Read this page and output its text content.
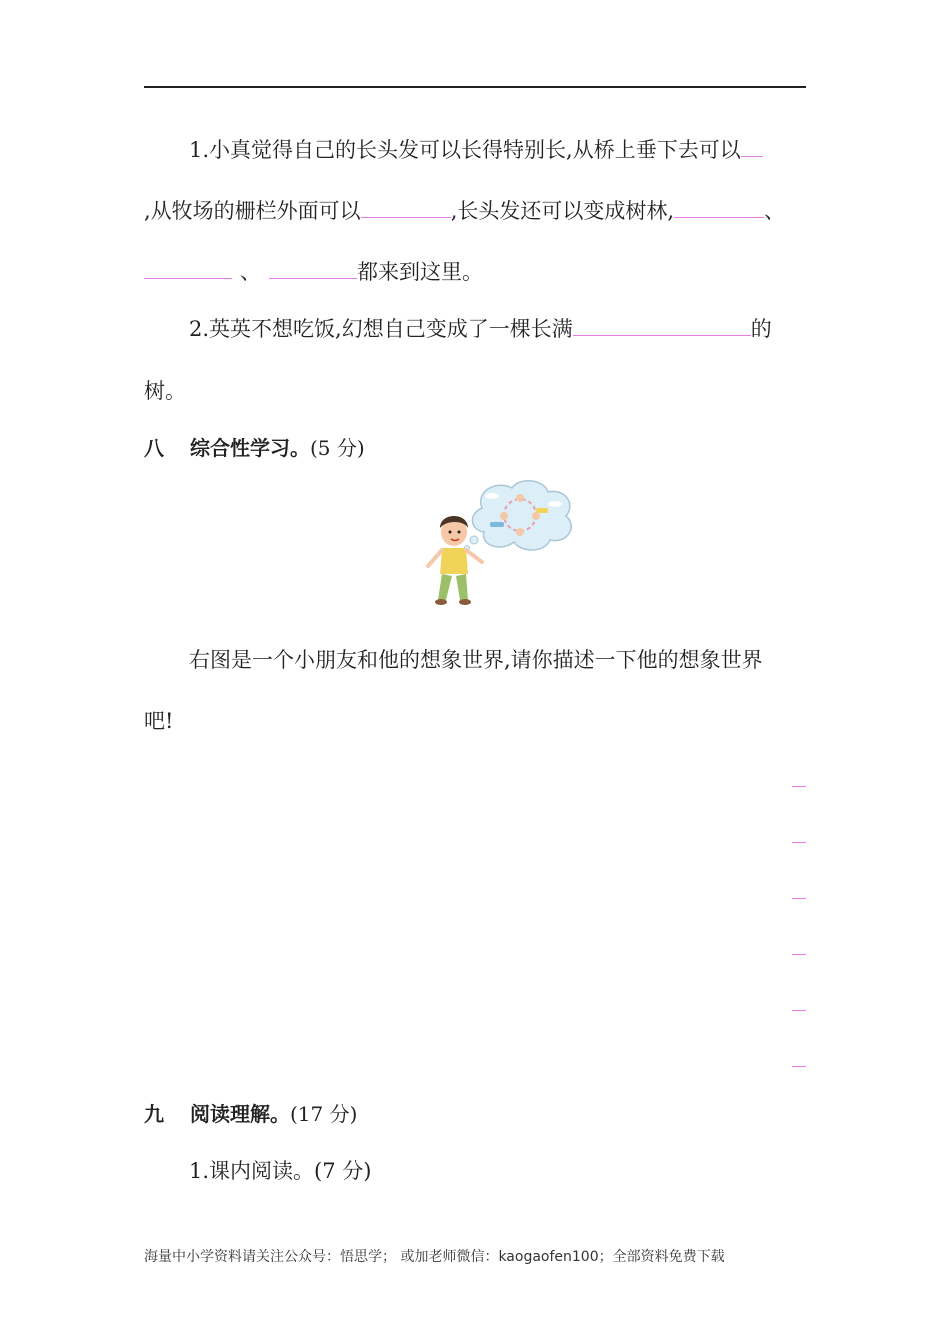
1.小真觉得自己的长头发可以长得特别长,从桥上垂下去可以
,从牧场的栅栏外面可以	,长头发还可以变成树林,	、
、	都来到这里。
2.英英不想吃饭,幻想自己变成了一棵长满	的
树。
八 综合性学习。(5 分)
右图是一个小朋友和他的想象世界,请你描述一下他的想象世界
吧!
九 阅读理解。(17 分)
1.课内阅读。(7 分)
海量中小学资料请关注公众号：悟思学； 或加老师微信：kaogaofen100；全部资料免费下载
